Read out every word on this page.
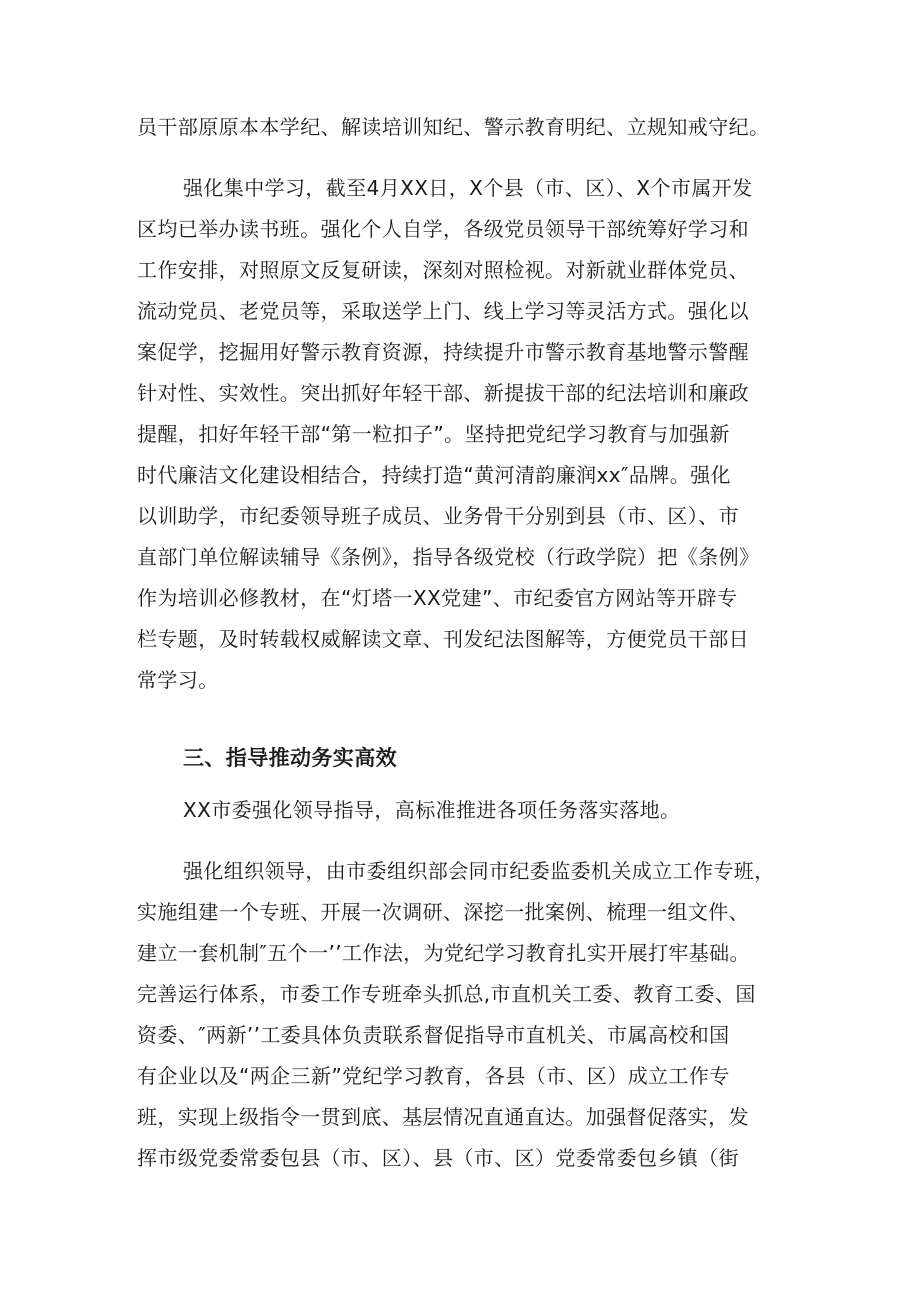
员干部原原本本学纪、解读培训知纪、警示教育明纪、立规知戒守纪。
强化集中学习，截至4月XX日，X个县（市、区）、X个市属开发
区均已举办读书班。强化个人自学，各级党员领导干部统筹好学习和
工作安排，对照原文反复研读，深刻对照检视。对新就业群体党员、
流动党员、老党员等，采取送学上门、线上学习等灵活方式。强化以
案促学，挖掘用好警示教育资源，持续提升市警示教育基地警示警醒
针对性、实效性。突出抓好年轻干部、新提拔干部的纪法培训和廉政
提醒，扣好年轻干部“第一粒扣子”。坚持把党纪学习教育与加强新
时代廉洁文化建设相结合，持续打造“黄河清韵廉润xx″品牌。强化
以训助学，市纪委领导班子成员、业务骨干分别到县（市、区）、市
直部门单位解读辅导《条例》，指导各级党校（行政学院）把《条例》
作为培训必修教材，在“灯塔一XX党建”、市纪委官方网站等开辟专
栏专题，及时转载权威解读文章、刊发纪法图解等，方便党员干部日
常学习。
三、指导推动务实高效
XX市委强化领导指导，高标准推进各项任务落实落地。
强化组织领导，由市委组织部会同市纪委监委机关成立工作专班，
实施组建一个专班、开展一次调研、深挖一批案例、梳理一组文件、
建立一套机制″五个一’’工作法，为党纪学习教育扎实开展打牢基础。
完善运行体系，市委工作专班牵头抓总,市直机关工委、教育工委、国
资委、″两新’’工委具体负责联系督促指导市直机关、市属高校和国
有企业以及“两企三新”党纪学习教育，各县（市、区）成立工作专
班，实现上级指令一贯到底、基层情况直通直达。加强督促落实，发
挥市级党委常委包县（市、区）、县（市、区）党委常委包乡镇（街
